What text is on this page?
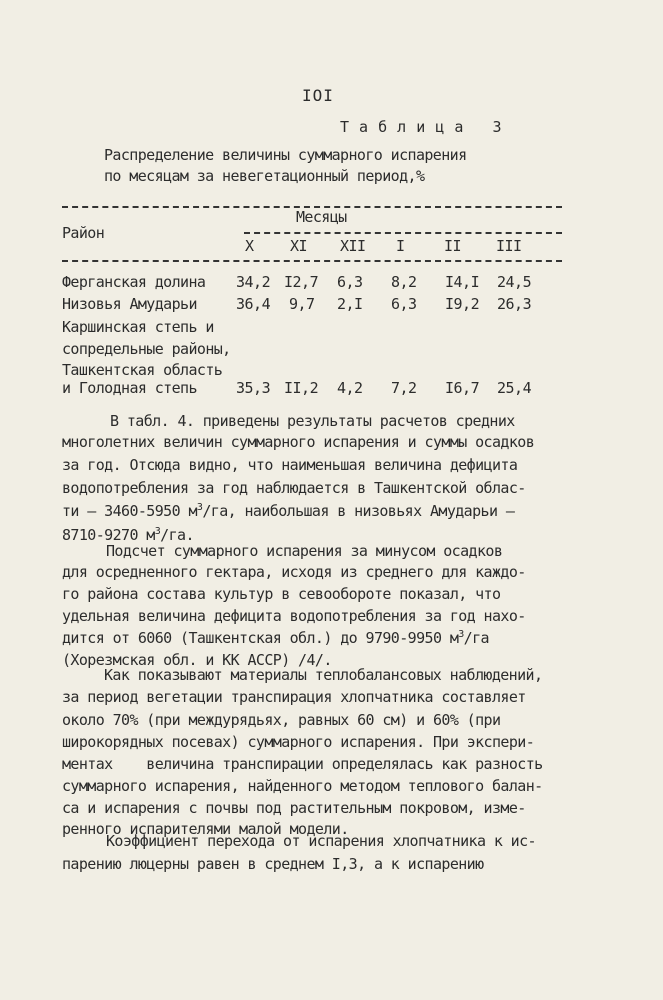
IOI
Т а б л и ц а   3
Распределение величины суммарного испарения
по месяцам за невегетационный период,%
Район
Месяцы
X XI XII I	II III
Ферганская долина 34,2 I2,7 6,3 8,2 I4,I 24,5
Низовья Амударьи	36,4 9,7 2,I 6,3 I9,2 26,3
Каршинская степь и
сопредельные районы,
Ташкентская область
и Голодная степь	35,3 II,2 4,2 7,2 I6,7 25,4
В табл. 4. приведены результаты расчетов средних
многолетних величин суммарного испарения и суммы осадков
за год. Отсюда видно, что наименьшая величина дефицита
водопотребления за год наблюдается в Ташкентской облас-
ти – 3460-5950 $м^3/га$, наибольшая в низовьях Амударьи –
8710-9270 $м^3/га$.
Подсчет суммарного испарения за минусом осадков
для осредненного гектара, исходя из среднего для каждо-
го района состава культур в севообороте показал, что
удельная величина дефицита водопотребления за год нахо-
дится от 6060 (Ташкентская обл.) до 9790-9950 $м^3/га$
(Хорезмская обл. и КК АССР) /4/.
Как показывают материалы теплобалансовых наблюдений,
за период вегетации транспирация хлопчатника составляет
около 70% (при междурядьях, равных 60 см) и 60% (при
широкорядных посевах) суммарного испарения. При экспери-
ментах    величина транспирации определялась как разность
суммарного испарения, найденного методом теплового балан-
са и испарения с почвы под растительным покровом, изме-
ренного испарителями малой модели.
Коэффициент перехода от испарения хлопчатника к ис-
парению люцерны равен в среднем I,3, а к испарению
